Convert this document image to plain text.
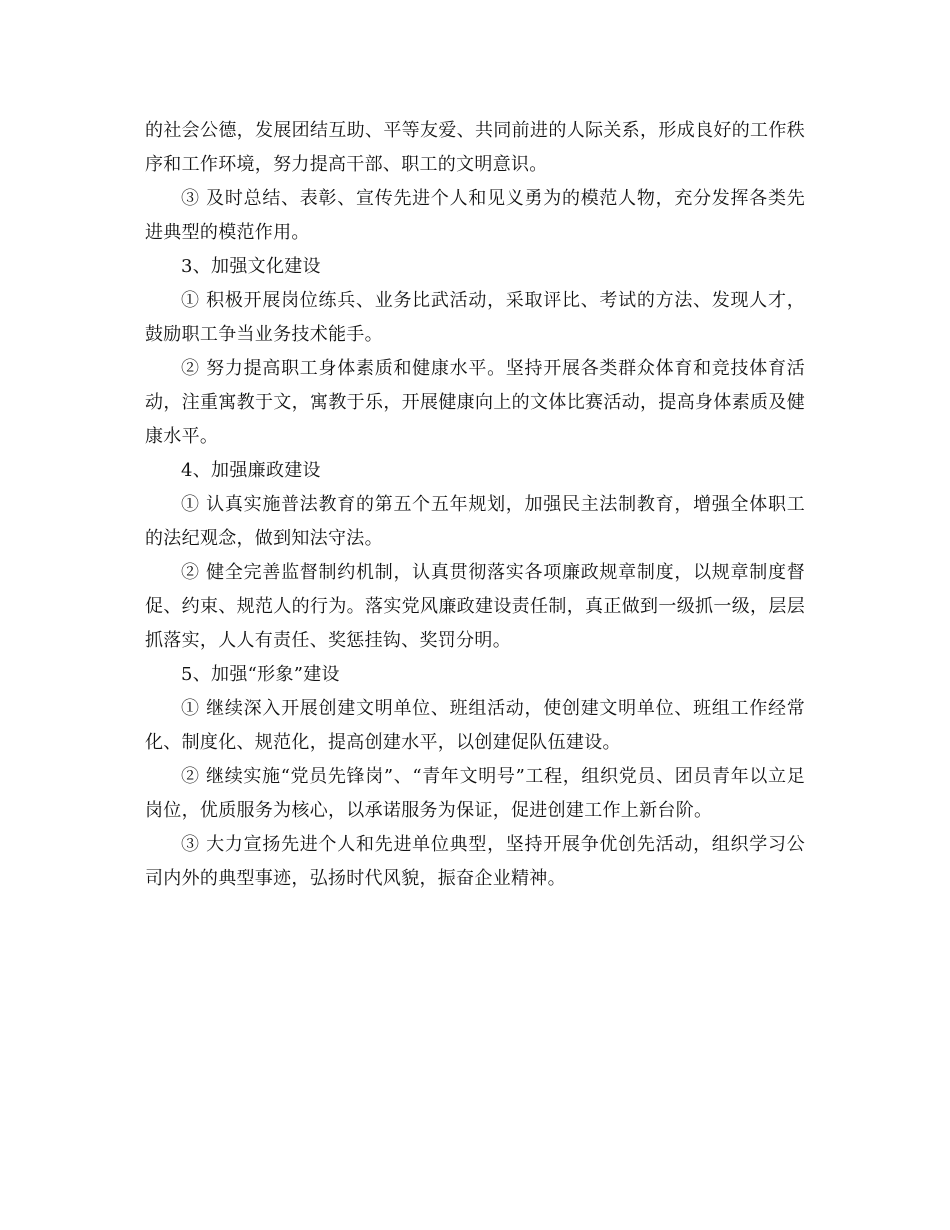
的社会公德，发展团结互助、平等友爱、共同前进的人际关系，形成良好的工作秩序和工作环境，努力提高干部、职工的文明意识。

③ 及时总结、表彰、宣传先进个人和见义勇为的模范人物，充分发挥各类先进典型的模范作用。

3、加强文化建设

① 积极开展岗位练兵、业务比武活动，采取评比、考试的方法、发现人才，鼓励职工争当业务技术能手。

② 努力提高职工身体素质和健康水平。坚持开展各类群众体育和竞技体育活动，注重寓教于文，寓教于乐，开展健康向上的文体比赛活动，提高身体素质及健康水平。

4、加强廉政建设

① 认真实施普法教育的第五个五年规划，加强民主法制教育，增强全体职工的法纪观念，做到知法守法。

② 健全完善监督制约机制，认真贯彻落实各项廉政规章制度，以规章制度督促、约束、规范人的行为。落实党风廉政建设责任制，真正做到一级抓一级，层层抓落实，人人有责任、奖惩挂钩、奖罚分明。

5、加强“形象”建设

① 继续深入开展创建文明单位、班组活动，使创建文明单位、班组工作经常化、制度化、规范化，提高创建水平，以创建促队伍建设。

② 继续实施“党员先锋岗”、“青年文明号”工程，组织党员、团员青年以立足岗位，优质服务为核心，以承诺服务为保证，促进创建工作上新台阶。

③ 大力宣扬先进个人和先进单位典型，坚持开展争优创先活动，组织学习公司内外的典型事迹，弘扬时代风貌，振奋企业精神。
